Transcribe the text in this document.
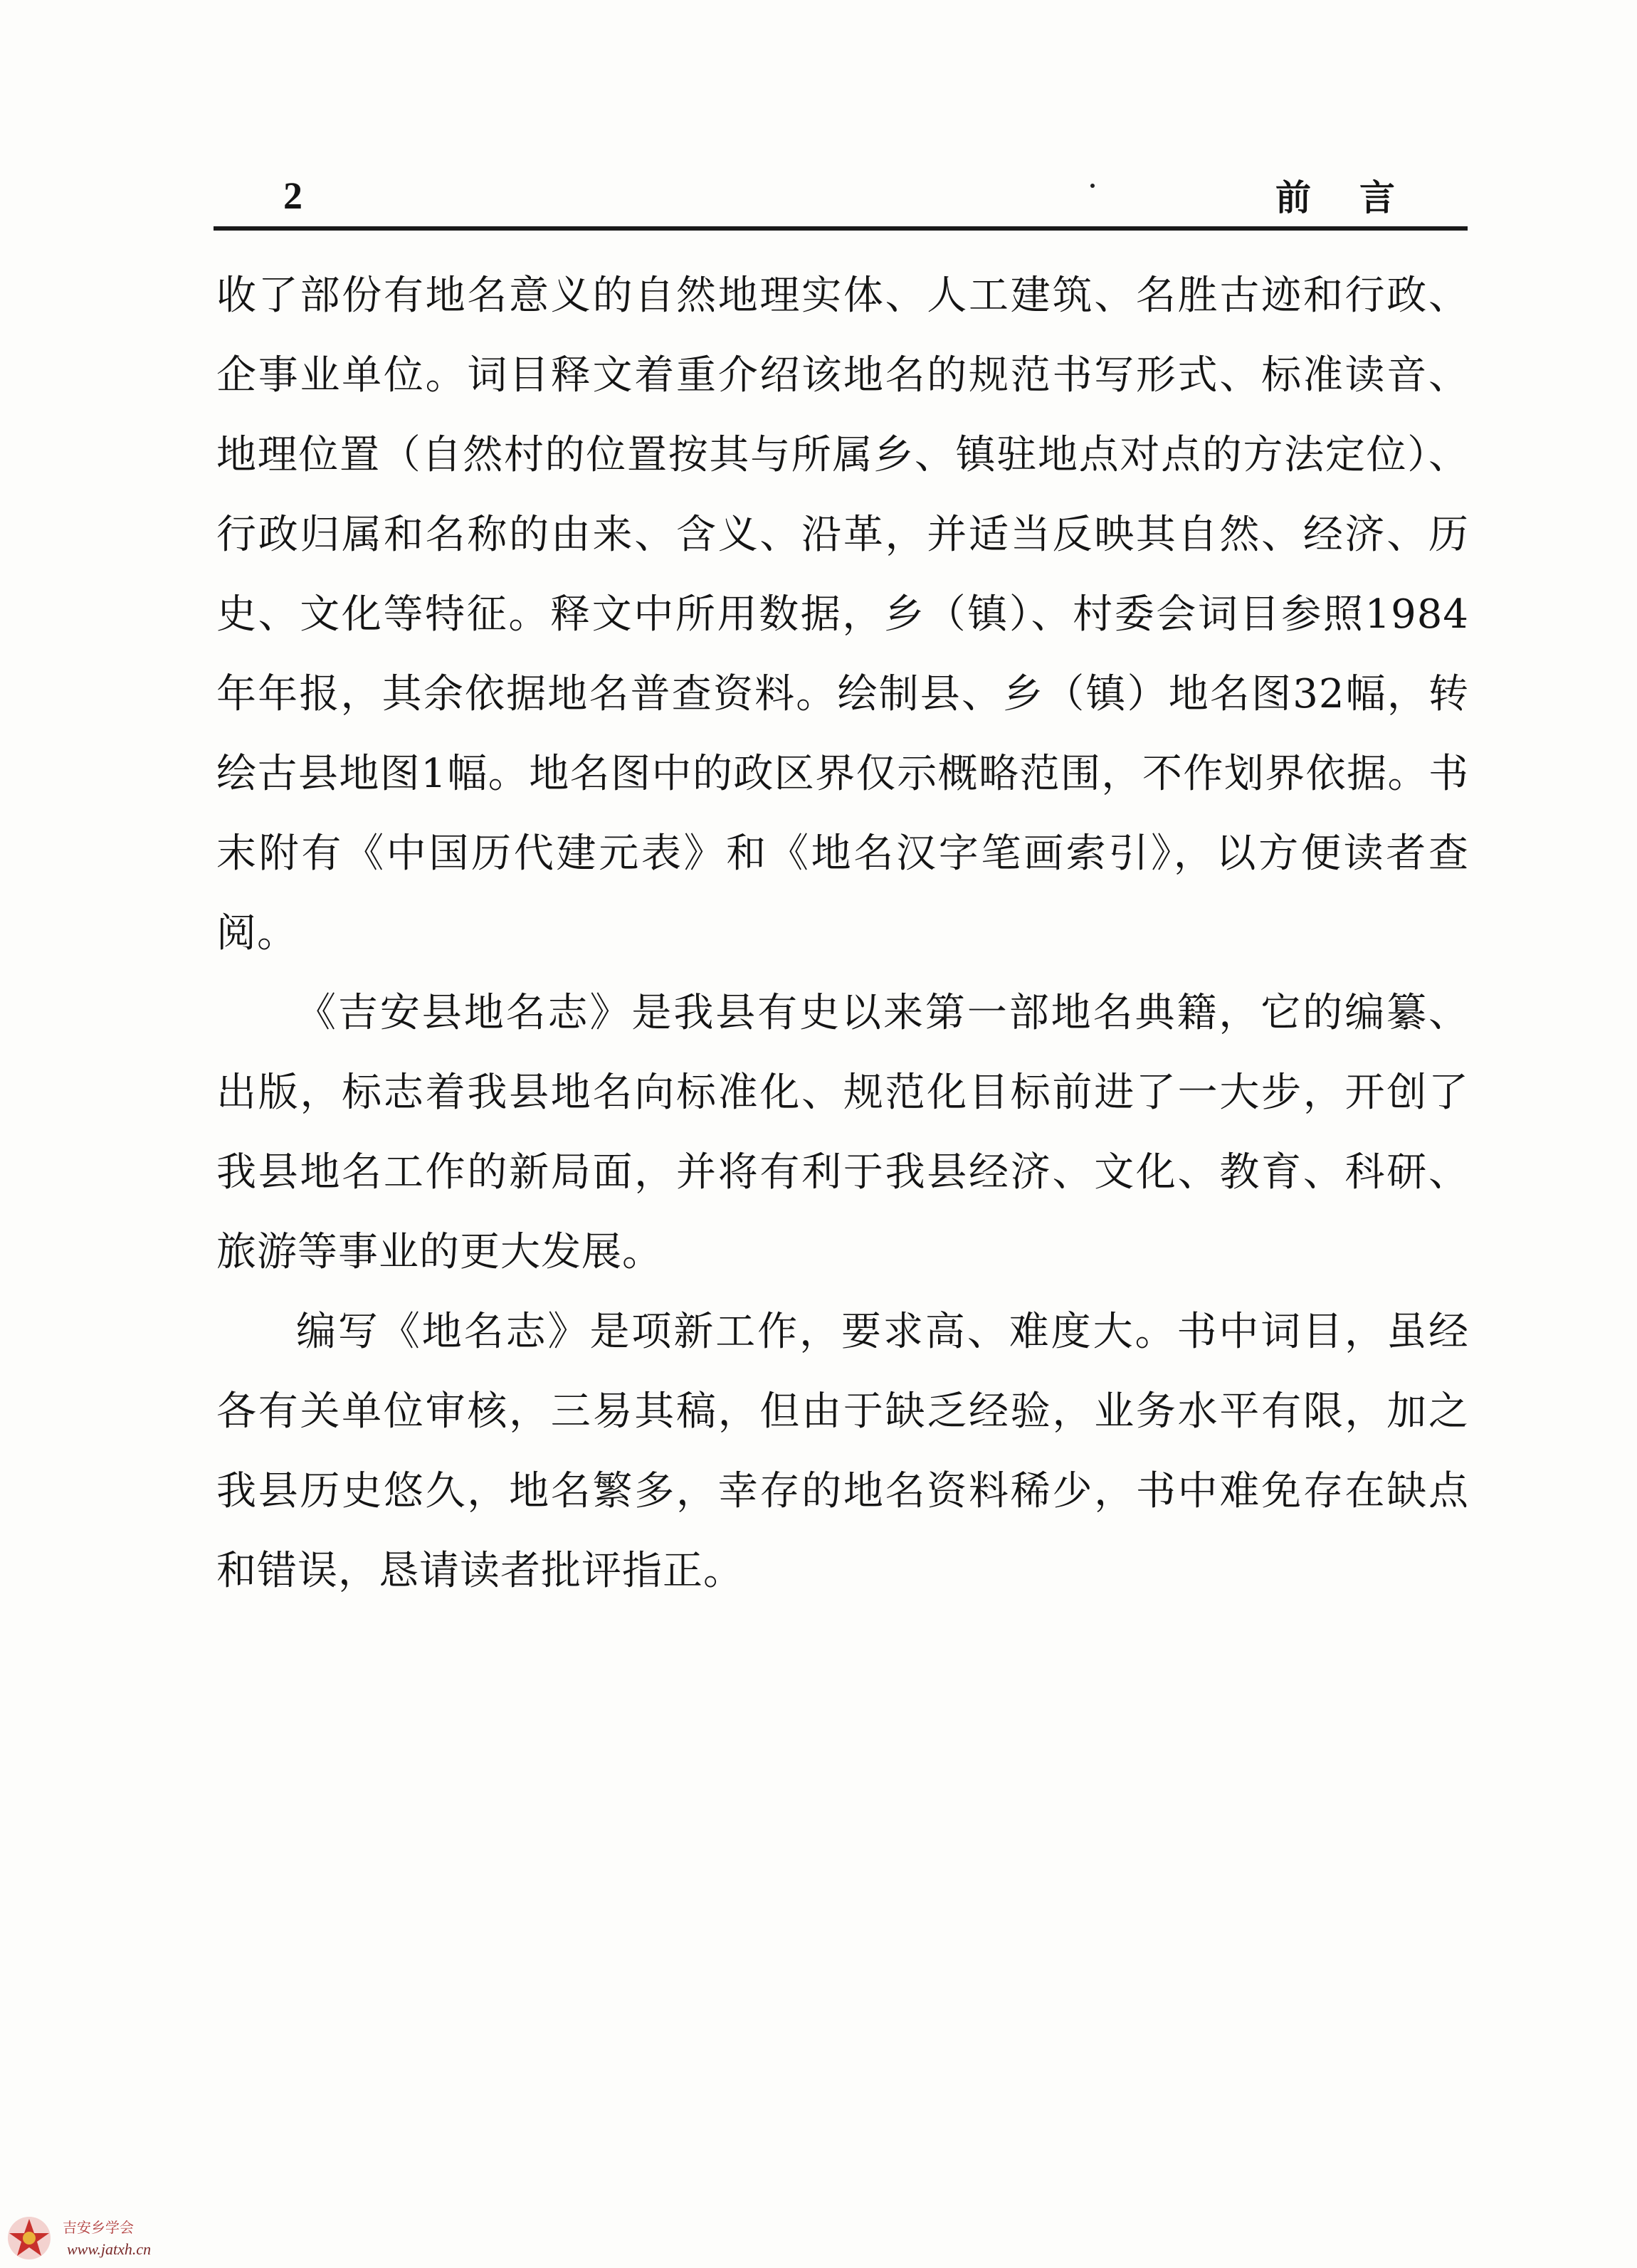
2	前言

收了部份有地名意义的自然地理实体、人工建筑、名胜古迹和行政、企事业单位。词目释文着重介绍该地名的规范书写形式、标准读音、地理位置（自然村的位置按其与所属乡、镇驻地点对点的方法定位）、行政归属和名称的由来、含义、沿革，并适当反映其自然、经济、历史、文化等特征。释文中所用数据，乡（镇）、村委会词目参照1984年年报，其余依据地名普查资料。绘制县、乡（镇）地名图32幅，转绘古县地图1幅。地名图中的政区界仅示概略范围，不作划界依据。书末附有《中国历代建元表》和《地名汉字笔画索引》，以方便读者查阅。

《吉安县地名志》是我县有史以来第一部地名典籍，它的编纂、出版，标志着我县地名向标准化、规范化目标前进了一大步，开创了我县地名工作的新局面，并将有利于我县经济、文化、教育、科研、旅游等事业的更大发展。

编写《地名志》是项新工作，要求高、难度大。书中词目，虽经各有关单位审核，三易其稿，但由于缺乏经验，业务水平有限，加之我县历史悠久，地名繁多，幸存的地名资料稀少，书中难免存在缺点和错误，恳请读者批评指正。

吉安乡学会
www.jatxh.cn
